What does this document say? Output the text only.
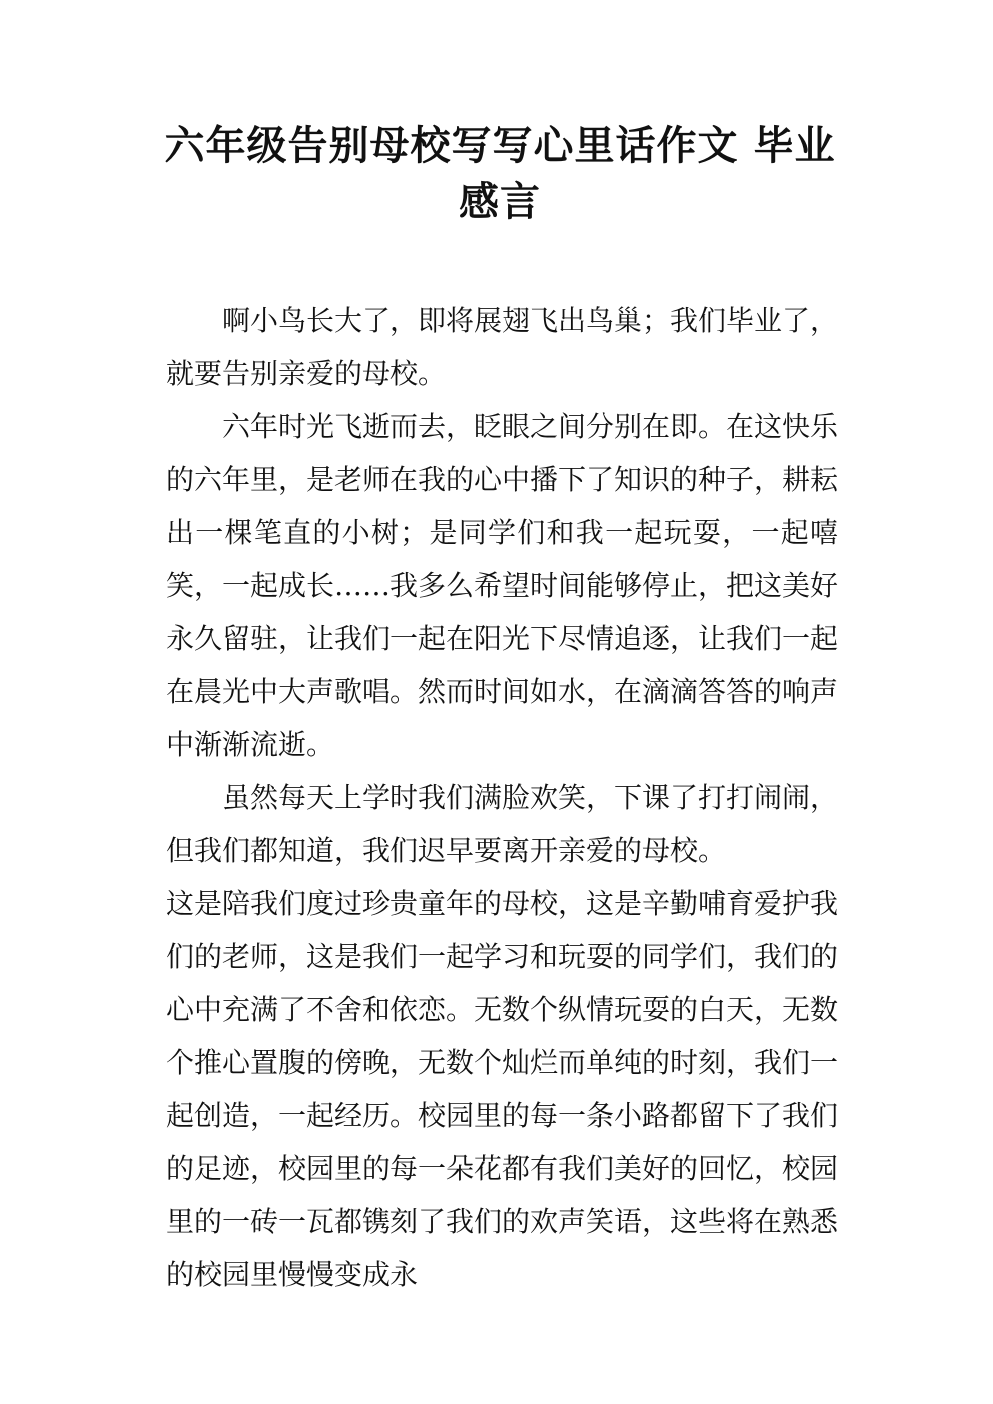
六年级告别母校写写心里话作文 毕业
感言

啊小鸟长大了，即将展翅飞出鸟巢；我们毕业了，就要告别亲爱的母校。

六年时光飞逝而去，眨眼之间分别在即。在这快乐的六年里，是老师在我的心中播下了知识的种子，耕耘出一棵笔直的小树；是同学们和我一起玩耍，一起嘻笑，一起成长……我多么希望时间能够停止，把这美好永久留驻，让我们一起在阳光下尽情追逐，让我们一起在晨光中大声歌唱。然而时间如水，在滴滴答答的响声中渐渐流逝。

虽然每天上学时我们满脸欢笑，下课了打打闹闹，但我们都知道，我们迟早要离开亲爱的母校。

这是陪我们度过珍贵童年的母校，这是辛勤哺育爱护我们的老师，这是我们一起学习和玩耍的同学们，我们的心中充满了不舍和依恋。无数个纵情玩耍的白天，无数个推心置腹的傍晚，无数个灿烂而单纯的时刻，我们一起创造，一起经历。校园里的每一条小路都留下了我们的足迹，校园里的每一朵花都有我们美好的回忆，校园里的一砖一瓦都镌刻了我们的欢声笑语，这些将在熟悉的校园里慢慢变成永
